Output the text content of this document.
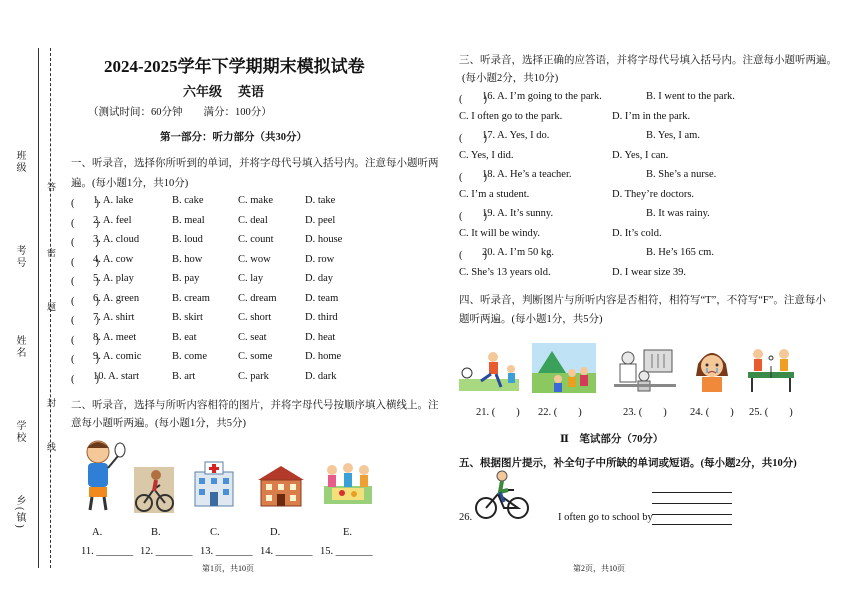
班级
考号
姓名
学校
乡(镇)
答
密
题
封
线
2024-2025学年下学期期末模拟试卷
六年级 英语
（测试时间：60分钟　　满分：100分）
第一部分：听力部分（共30分）
一、听录音，选择你所听到的单词，并将字母代号填入括号内。注意每小题听两
遍。(每小题1分，共10分)
(　　)
1. A. lake	B. cake	C. make	D. take
(　　)
2. A. feel	B. meal	C. deal	D. peel
(　　)
3. A. cloud	B. loud	C. count	D. house
(　　)
4. A. cow	B. how	C. wow	D. row
(　　)
5. A. play	B. pay	C. lay	D. day
(　　)
6. A. green	B. cream	C. dream	D. team
(　　)
7. A. shirt	B. skirt	C. short	D. third
(　　)
8. A. meet	B. eat	C. seat	D. heat
(　　)
9. A. comic	B. come	C. some	D. home
(　　)
10. A. start	B. art	C. park	D. dark
二、听录音，选择与所听内容相符的图片，并将字母代号按顺序填入横线上。注
意每小题听两遍。(每小题1分，共5分)
A.	B.	C.	D.	E.
11. _______ 12. _______ 13. _______ 14. _______ 15. _______
第1页，共10页
三、听录音，选择正确的应答语，并将字母代号填入括号内。注意每小题听两遍。
(每小题2分，共10分)
(　　)
16. A. I’m going to the park.	B. I went to the park.
C. I often go to the park.	D. I’m in the park.
(　　)
17. A. Yes, I do.	B. Yes, I am.
C. Yes, I did.	D. Yes, I can.
(　　)
18. A. He’s a teacher.	B. She’s a nurse.
C. I’m a student.	D. They’re doctors.
(　　)
19. A. It’s sunny.	B. It was rainy.
C. It will be windy.	D. It’s cold.
(　　)
20. A. I’m 50 kg.	B. He’s 165 cm.
C. She’s 13 years old.	D. I wear size 39.
四、听录音，判断图片与所听内容是否相符，相符写“T”，不符写“F”。注意每小
题听两遍。(每小题1分，共5分)
21. (　　) 22. (　　)	23. (　　) 24. (　　) 25. (　　)
Ⅱ　笔试部分（70分）
五、根据图片提示，补全句子中所缺的单词或短语。(每小题2分，共10分)
26.	I often go to school by
第2页，共10页
